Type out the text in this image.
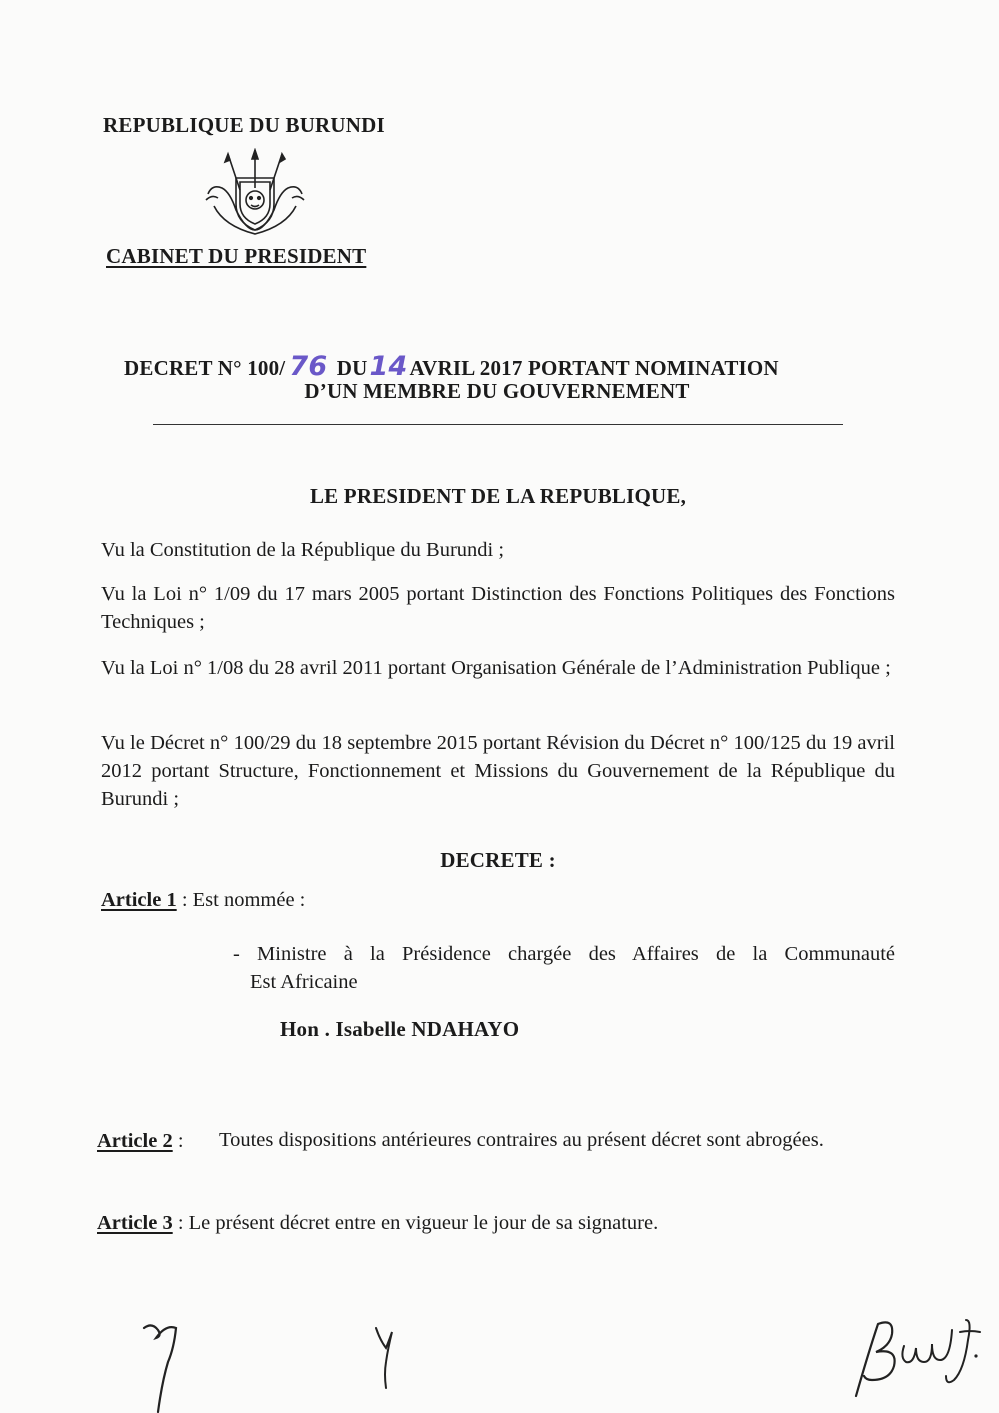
REPUBLIQUE DU BURUNDI
CABINET DU PRESIDENT
DECRET N° 100/ 76 DU14AVRIL 2017 PORTANT NOMINATION
D’UN MEMBRE DU GOUVERNEMENT
LE PRESIDENT DE LA REPUBLIQUE,
Vu la Constitution de la République du Burundi ;
Vu la Loi n° 1/09 du 17 mars 2005 portant Distinction des Fonctions Politiques des Fonctions Techniques ;
Vu la Loi n° 1/08 du 28 avril 2011 portant Organisation Générale de l’Administration Publique ;
Vu le Décret n° 100/29 du 18 septembre 2015 portant Révision du Décret n° 100/125 du 19 avril 2012 portant Structure, Fonctionnement et Missions du Gouvernement de la République du Burundi ;
DECRETE :
Article 1 : Est nommée :
- Ministre à la Présidence chargée des Affaires de la Communauté
Est Africaine
Hon . Isabelle NDAHAYO
Article 2 : Toutes dispositions antérieures contraires au présent décret sont abrogées.
Article 3 : Le présent décret entre en vigueur le jour de sa signature.
